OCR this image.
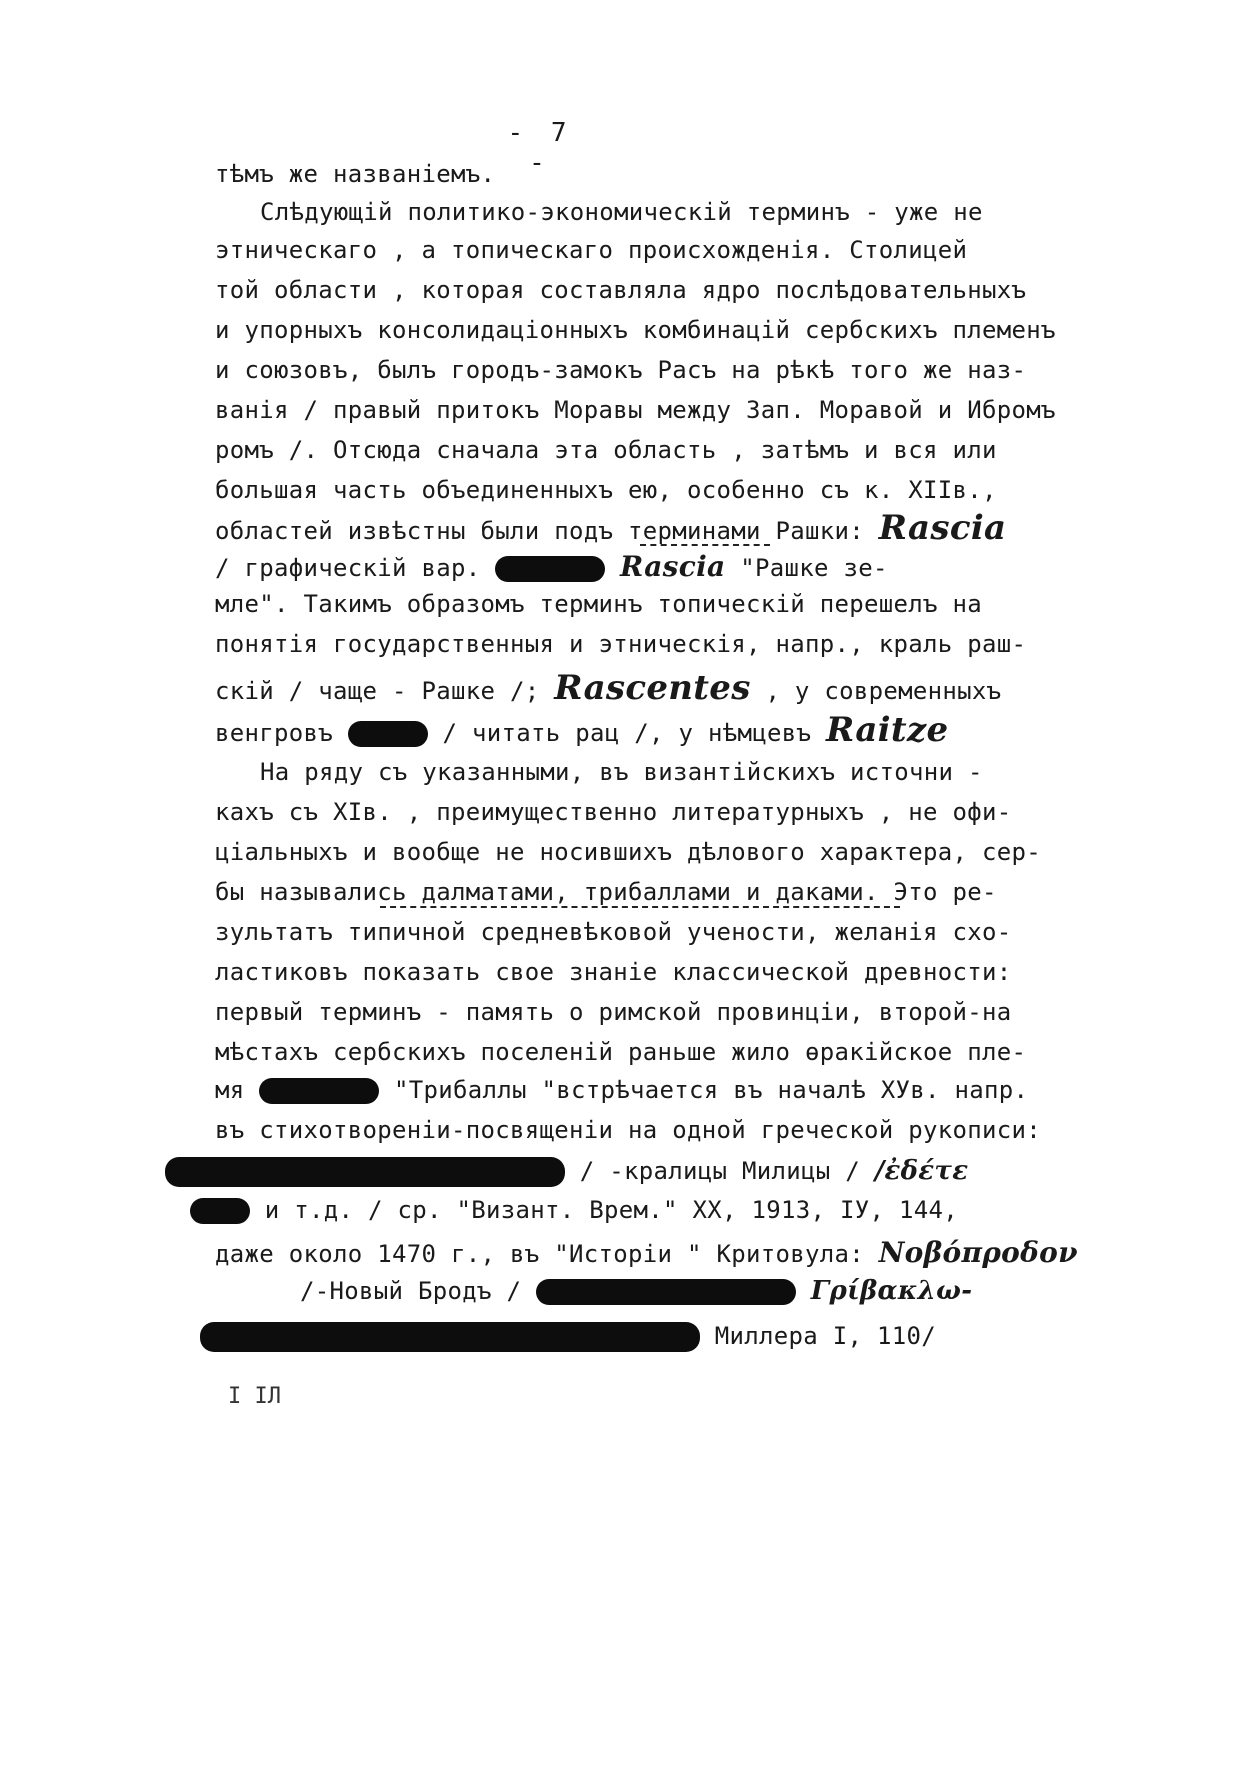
- 7 -
тѣмъ же названіемъ.
Слѣдующій политико-экономическій терминъ - уже не
этническаго , а топическаго происхожденія. Столицей
той области , которая составляла ядро послѣдовательныхъ
и упорныхъ консолидаціонныхъ комбинацій сербскихъ племенъ
и союзовъ, былъ городъ-замокъ Расъ на рѣкѣ того же наз-
ванія / правый притокъ Моравы между Зап. Моравой и Ибромъ
ромъ /. Отсюда сначала эта область , затѣмъ и вся или
большая часть объединенныхъ ею, особенно съ к. XIIв.,
областей извѣстны были подъ терминами Рашки: Rascia
/ графическій вар.	Rascia "Рашке зе-
мле". Такимъ образомъ терминъ топическій перешелъ на
понятія государственныя и этническія, напр., краль раш-
скій / чаще - Рашке /; Rascentes , у современныхъ
венгровъ	/ читать рац /, у нѣмцевъ Raitze
На ряду съ указанными, въ византійскихъ источни -
кахъ съ XIв. , преимущественно литературныхъ , не офи-
ціальныхъ и вообще не носившихъ дѣлового характера, сер-
бы назывались далматами, трибаллами и даками. Это ре-
зультатъ типичной средневѣковой учености, желанія схо-
ластиковъ показать свое знаніе классической древности:
первый терминъ - память о римской провинціи, второй-на
мѣстахъ сербскихъ поселеній раньше жило ѳракійское пле-
мя	"Трибаллы "встрѣчается въ началѣ XУв. напр.
въ стихотвореніи-посвященіи на одной греческой рукописи:
/ -кралицы Милицы / /ἐδέτε
и т.д. / ср. "Визант. Врем." XX, 1913, IУ, 144,
даже около 1470 г., въ "Исторіи " Критовула: Νοβόπροδον
/-Новый Бродъ /	Γρίβακλω-
Миллера I, 110/
I ІЛ
